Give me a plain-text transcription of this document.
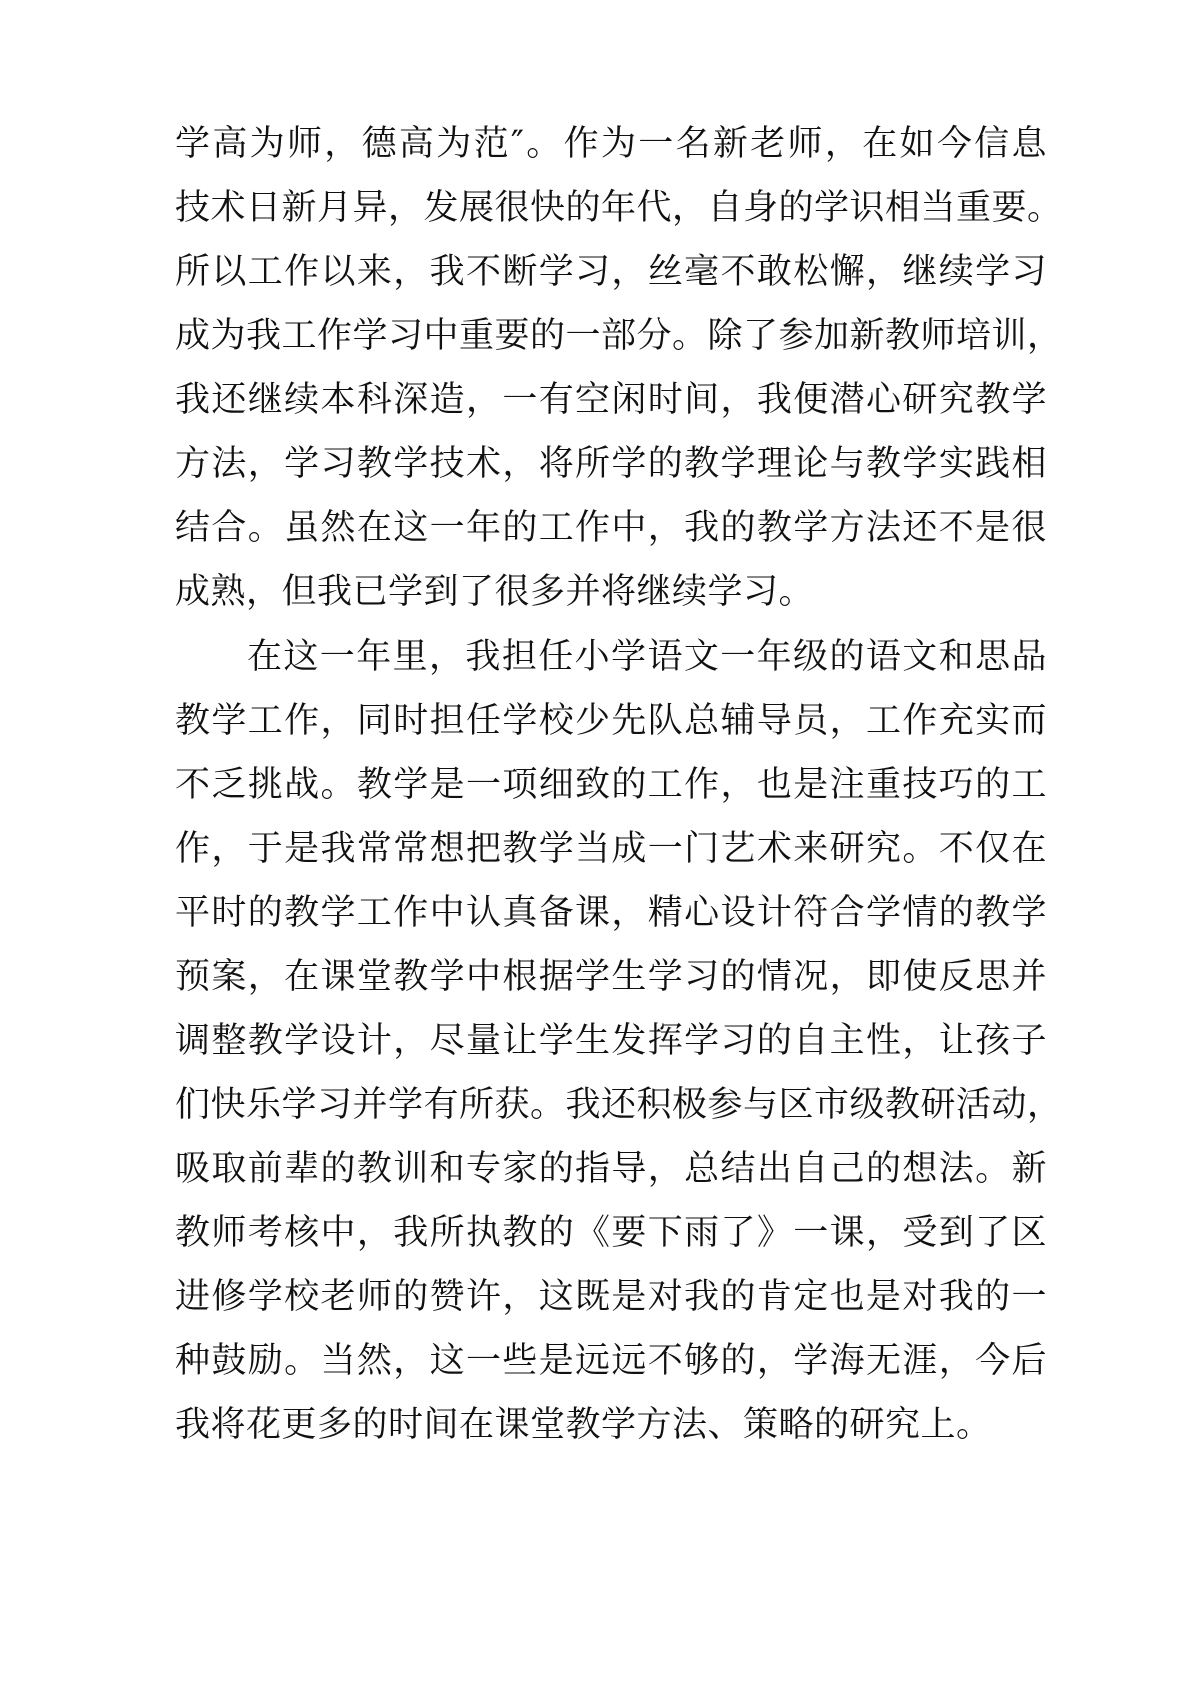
学高为师，德高为范″。作为一名新老师，在如今信息
技术日新月异，发展很快的年代，自身的学识相当重要。
所以工作以来，我不断学习，丝毫不敢松懈，继续学习
成为我工作学习中重要的一部分。除了参加新教师培训，
我还继续本科深造，一有空闲时间，我便潜心研究教学
方法，学习教学技术，将所学的教学理论与教学实践相
结合。虽然在这一年的工作中，我的教学方法还不是很
成熟，但我已学到了很多并将继续学习。
在这一年里，我担任小学语文一年级的语文和思品
教学工作，同时担任学校少先队总辅导员，工作充实而
不乏挑战。教学是一项细致的工作，也是注重技巧的工
作，于是我常常想把教学当成一门艺术来研究。不仅在
平时的教学工作中认真备课，精心设计符合学情的教学
预案，在课堂教学中根据学生学习的情况，即使反思并
调整教学设计，尽量让学生发挥学习的自主性，让孩子
们快乐学习并学有所获。我还积极参与区市级教研活动，
吸取前辈的教训和专家的指导，总结出自己的想法。新
教师考核中，我所执教的《要下雨了》一课，受到了区
进修学校老师的赞许，这既是对我的肯定也是对我的一
种鼓励。当然，这一些是远远不够的，学海无涯，今后
我将花更多的时间在课堂教学方法、策略的研究上。
